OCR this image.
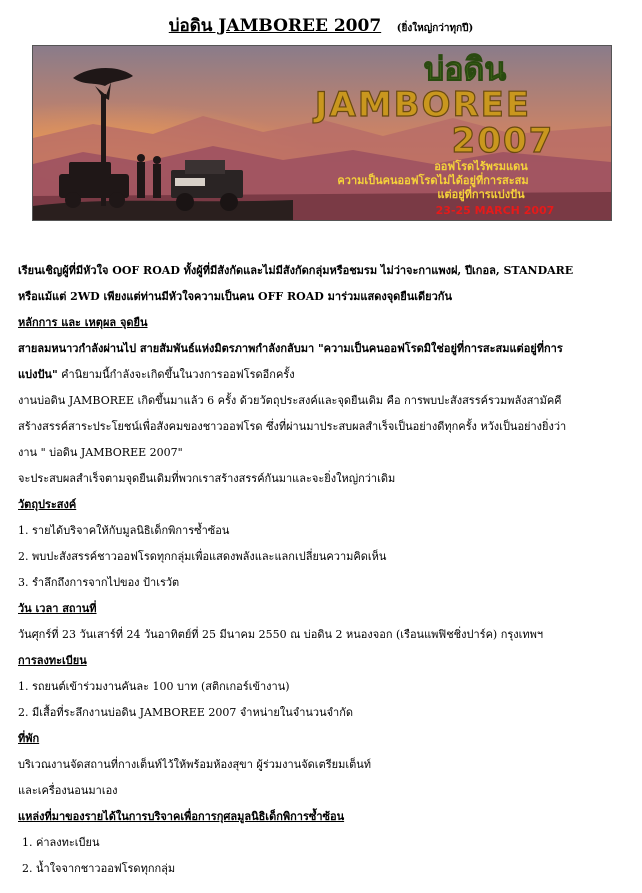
บ่อดิน JAMBOREE 2007 (ยิ่งใหญ่กว่าทุกปี)
บ่อดิน
JAMBOREE
2007
ออฟโรดไร้พรมแดน
ความเป็นคนออฟโรดไม่ได้อยู่ที่การสะสม
แต่อยู่ที่การแบ่งปัน
23-25 MARCH 2007

เรียนเชิญผู้ที่มีหัวใจ OOF ROAD ทั้งผู้ที่มีสังกัดและไม่มีสังกัดกลุ่มหรือชมรม ไม่ว่าจะกาแพงฝ, ปีเกอล, STANDARE

หรือแม้แต่ 2WD เพียงแต่ท่านมีหัวใจความเป็นคน OFF ROAD มาร่วมแสดงจุดยืนเดียวกัน

หลักการ และ เหตุผล จุดยืน

สายลมหนาวกำลังผ่านไป สายสัมพันธ์แห่งมิตรภาพกำลังกลับมา "ความเป็นคนออฟโรดมิใช่อยู่ที่การสะสมแต่อยู่ที่การ

แบ่งปัน" คำนิยามนี้กำลังจะเกิดขึ้นในวงการออฟโรดอีกครั้ง

งานบ่อดิน JAMBOREE เกิดขึ้นมาแล้ว 6 ครั้ง ด้วยวัตถุประสงค์และจุดยืนเดิม คือ การพบปะสังสรรค์รวมพลังสามัคคี

สร้างสรรค์สาระประโยชน์เพื่อสังคมของชาวออฟโรด ซึ่งที่ผ่านมาประสบผลสำเร็จเป็นอย่างดีทุกครั้ง หวังเป็นอย่างยิ่งว่า

งาน " บ่อดิน JAMBOREE 2007"

จะประสบผลสำเร็จตามจุดยืนเดิมที่พวกเราสร้างสรรค์กันมาและจะยิ่งใหญ่กว่าเดิม

วัตถุประสงค์

1. รายได้บริจาคให้กับมูลนิธิเด็กพิการซ้ำซ้อน

2. พบปะสังสรรค์ชาวออฟโรดทุกกลุ่มเพื่อแสดงพลังและแลกเปลี่ยนความคิดเห็น

3. รำลึกถึงการจากไปของ ป้าเรวัต

วัน เวลา สถานที่

วันศุกร์ที่ 23 วันเสาร์ที่ 24 วันอาทิตย์ที่ 25 มีนาคม 2550 ณ บ่อดิน 2 หนองจอก (เรือนแพฟิชชิ่งปาร์ค) กรุงเทพฯ

การลงทะเบียน

1. รถยนต์เข้าร่วมงานคันละ 100 บาท (สติกเกอร์เข้างาน)

2. มีเสื้อที่ระลึกงานบ่อดิน JAMBOREE 2007 จำหน่ายในจำนวนจำกัด

ที่พัก

บริเวณงานจัดสถานที่กางเต็นท์ไว้ให้พร้อมห้องสุขา ผู้ร่วมงานจัดเตรียมเต็นท์

และเครื่องนอนมาเอง

แหล่งที่มาของรายได้ในการบริจาคเพื่อการกุศลมูลนิธิเด็กพิการซ้ำซ้อน

1. ค่าลงทะเบียน

2. น้ำใจจากชาวออฟโรดทุกกลุ่ม
